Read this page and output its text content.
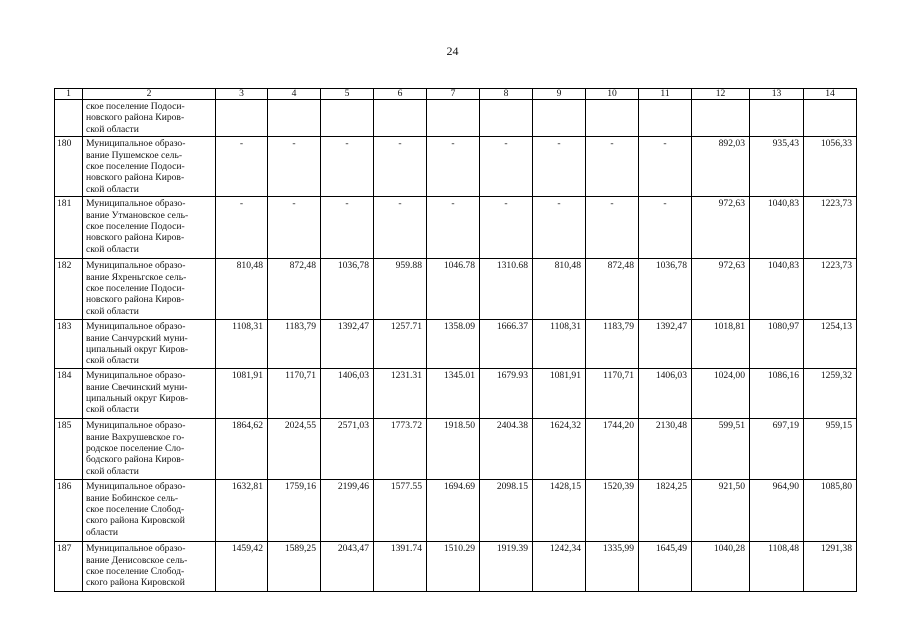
24
1	2	3	4	5	6	7	8	9	10	11	12	13	14

	ское поселение Подоси-
новского района Киров-
ской области												

180	Муниципальное образо-
вание Пушемское сель-
ское поселение Подоси-
новского района Киров-
ской области	-	-	-	-	-	-	-	-	-	892,03	935,43	1056,33
181	Муниципальное образо-
вание Утмановское сель-
ское поселение Подоси-
новского района Киров-
ской области	-	-	-	-	-	-	-	-	-	972,63	1040,83	1223,73
182	Муниципальное образо-
вание Яхреньгское сель-
ское поселение Подоси-
новского района Киров-
ской области	810,48	872,48	1036,78	959.88	1046.78	1310.68	810,48	872,48	1036,78	972,63	1040,83	1223,73
183	Муниципальное образо-
вание Санчурский муни-
ципальный округ Киров-
ской области	1108,31	1183,79	1392,47	1257.71	1358.09	1666.37	1108,31	1183,79	1392,47	1018,81	1080,97	1254,13
184	Муниципальное образо-
вание Свечинский муни-
ципальный округ Киров-
ской области	1081,91	1170,71	1406,03	1231.31	1345.01	1679.93	1081,91	1170,71	1406,03	1024,00	1086,16	1259,32
185	Муниципальное образо-
вание Вахрушевское го-
родское поселение Сло-
бодского района Киров-
ской области	1864,62	2024,55	2571,03	1773.72	1918.50	2404.38	1624,32	1744,20	2130,48	599,51	697,19	959,15
186	Муниципальное образо-
вание Бобинское сель-
ское поселение Слобод-
ского района Кировской
области	1632,81	1759,16	2199,46	1577.55	1694.69	2098.15	1428,15	1520,39	1824,25	921,50	964,90	1085,80
187	Муниципальное образо-
вание Денисовское сель-
ское поселение Слобод-
ского района Кировской	1459,42	1589,25	2043,47	1391.74	1510.29	1919.39	1242,34	1335,99	1645,49	1040,28	1108,48	1291,38
